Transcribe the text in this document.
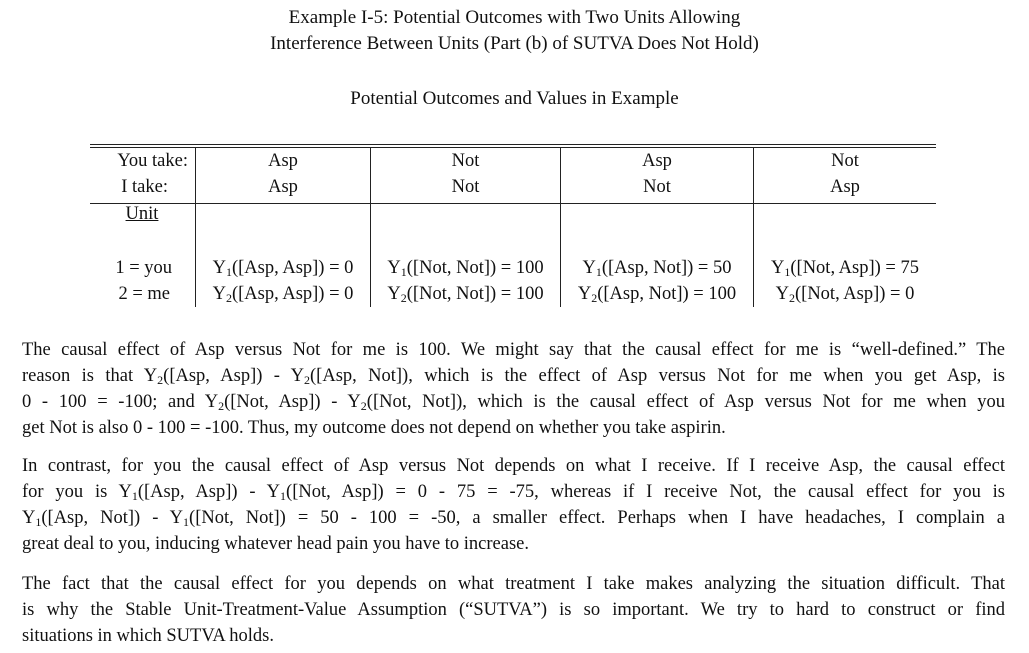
Example I-5: Potential Outcomes with Two Units Allowing
Interference Between Units (Part (b) of SUTVA Does Not Hold)
Potential Outcomes and Values in Example
You take:
I take:
Unit
1 = you
2 = me
Asp
Asp
$Y_1([Asp$, Asp]) = 0
$Y_2([Asp$, Asp]) = 0
Not
Not
$Y_1([Not$, Not]) = 100
$Y_2([Not$, Not]) = 100
Asp
Not
$Y_1([Asp$, Not]) = 50
$Y_2([Asp$, Not]) = 100
Not
Asp
$Y_1([Not$, Asp]) = 75
$Y_2([Not$, Asp]) = 0
The causal effect of Asp versus Not for me is 100. We might say that the causal effect for me is “well-defined.” The
reason is that $Y_2([Asp$, $Asp]) - Y_2([Asp$, Not]), which is the effect of Asp versus Not for me when you get Asp, is
0 - 100 = -100; and $Y_2([Not$, $Asp]) - Y_2([Not$, Not]), which is the causal effect of Asp versus Not for me when you
get Not is also 0 - 100 = -100. Thus, my outcome does not depend on whether you take aspirin.
In contrast, for you the causal effect of Asp versus Not depends on what I receive. If I receive Asp, the causal effect
for you is $Y_1([Asp$, $Asp]) - Y_1([Not$, Asp]) = 0 - 75 = -75, whereas if I receive Not, the causal effect for you is
$Y_1([Asp$, $Not]) - Y_1([Not$, Not]) = 50 - 100 = -50, a smaller effect. Perhaps when I have headaches, I complain a
great deal to you, inducing whatever head pain you have to increase.
The fact that the causal effect for you depends on what treatment I take makes analyzing the situation difficult. That
is why the Stable Unit-Treatment-Value Assumption (“SUTVA”) is so important. We try to hard to construct or find
situations in which SUTVA holds.
